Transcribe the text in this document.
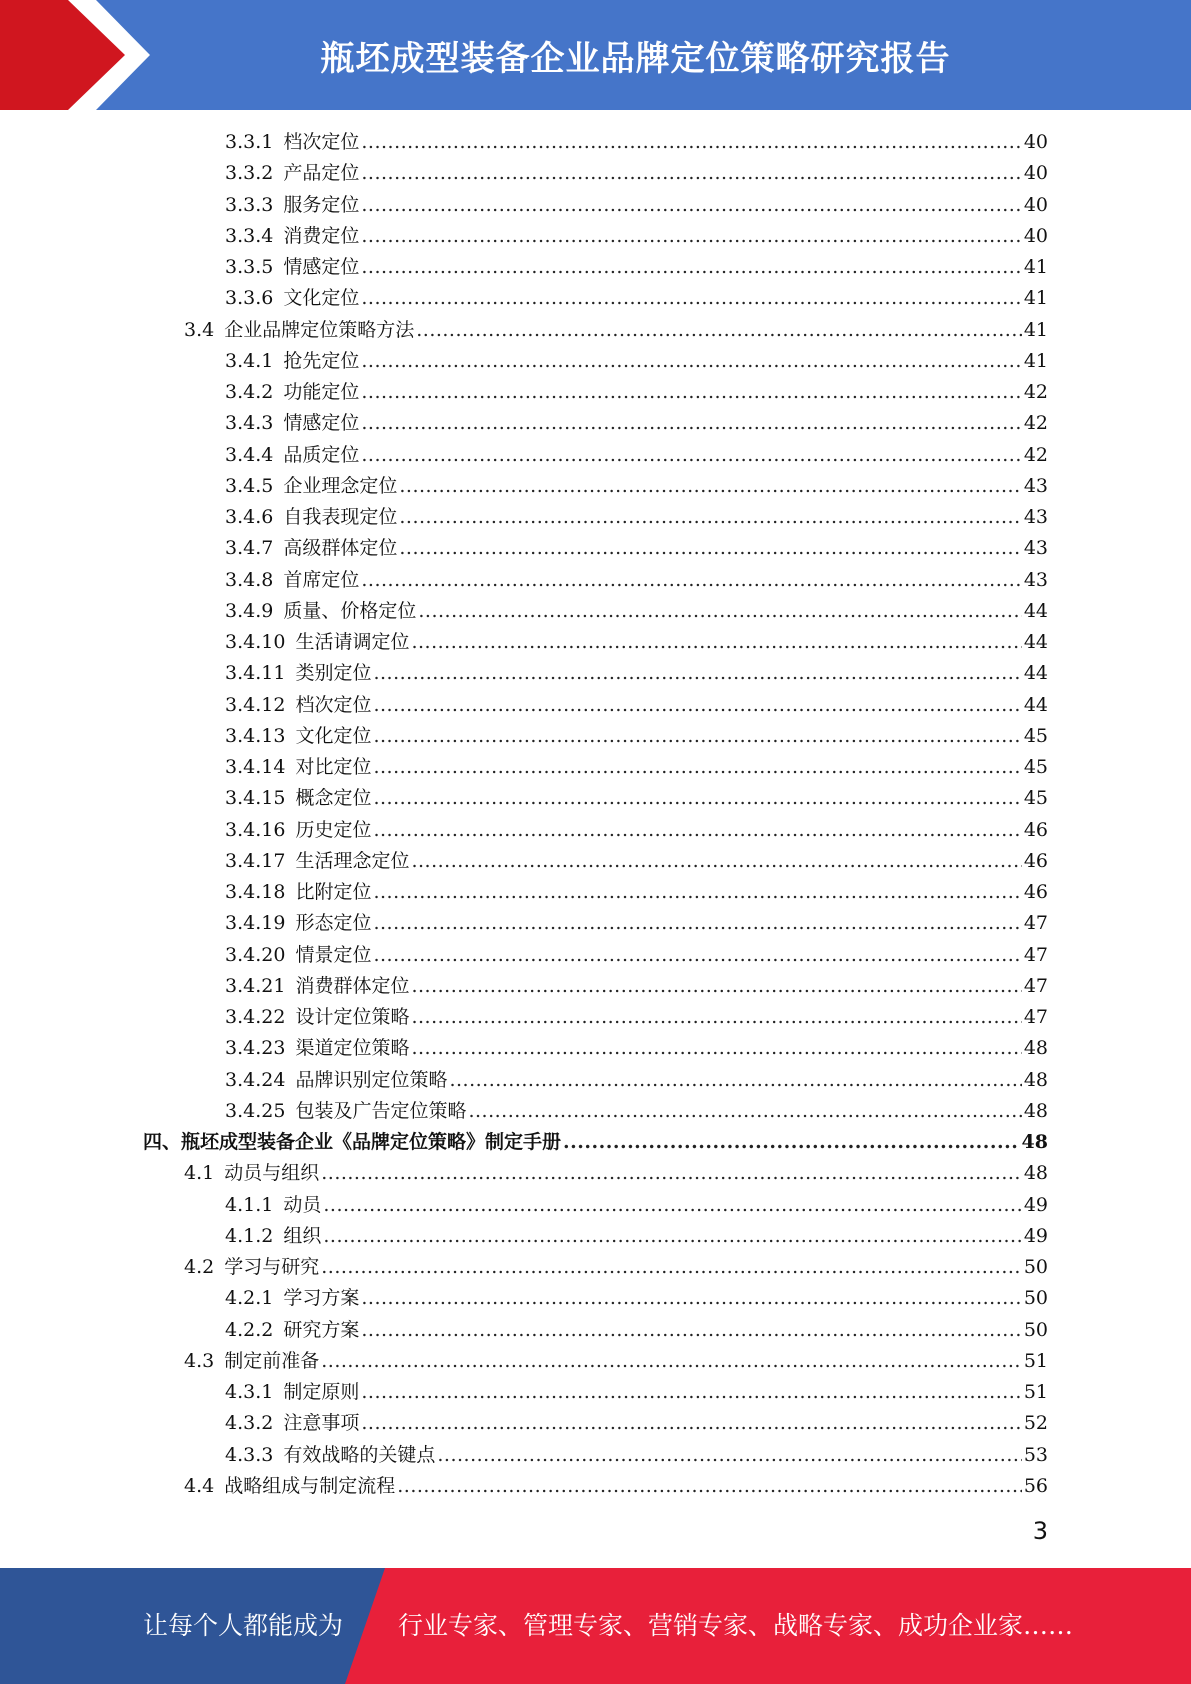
瓶坯成型装备企业品牌定位策略研究报告
3.3.1 档次定位 .....	40
3.3.2 产品定位 .....	40
3.3.3 服务定位 .....	40
3.3.4 消费定位 .....	40
3.3.5 情感定位 .....	41
3.3.6 文化定位 .....	41
3.4 企业品牌定位策略方法 .....	41
3.4.1 抢先定位 .....	41
3.4.2 功能定位 .....	42
3.4.3 情感定位 .....	42
3.4.4 品质定位 .....	42
3.4.5 企业理念定位 .....	43
3.4.6 自我表现定位 .....	43
3.4.7 高级群体定位 .....	43
3.4.8 首席定位 .....	43
3.4.9 质量、价格定位 .....	44
3.4.10 生活请调定位 .....	44
3.4.11 类别定位 .....	44
3.4.12 档次定位 .....	44
3.4.13 文化定位 .....	45
3.4.14 对比定位 .....	45
3.4.15 概念定位 .....	45
3.4.16 历史定位 .....	46
3.4.17 生活理念定位 .....	46
3.4.18 比附定位 .....	46
3.4.19 形态定位 .....	47
3.4.20 情景定位 .....	47
3.4.21 消费群体定位 .....	47
3.4.22 设计定位策略 .....	47
3.4.23 渠道定位策略 .....	48
3.4.24 品牌识别定位策略 .....	48
3.4.25 包装及广告定位策略 .....	48
四、 瓶坯成型装备企业《品牌定位策略》制定手册 .....	48
4.1 动员与组织 .....	48
4.1.1 动员 .....	49
4.1.2 组织 .....	49
4.2 学习与研究 .....	50
4.2.1 学习方案 .....	50
4.2.2 研究方案 .....	50
4.3 制定前准备 .....	51
4.3.1 制定原则 .....	51
4.3.2 注意事项 .....	52
4.3.3 有效战略的关键点 .....	53
4.4 战略组成与制定流程 .....	56
3
让每个人都能成为 行业专家、管理专家、营销专家、战略专家、成功企业家……
